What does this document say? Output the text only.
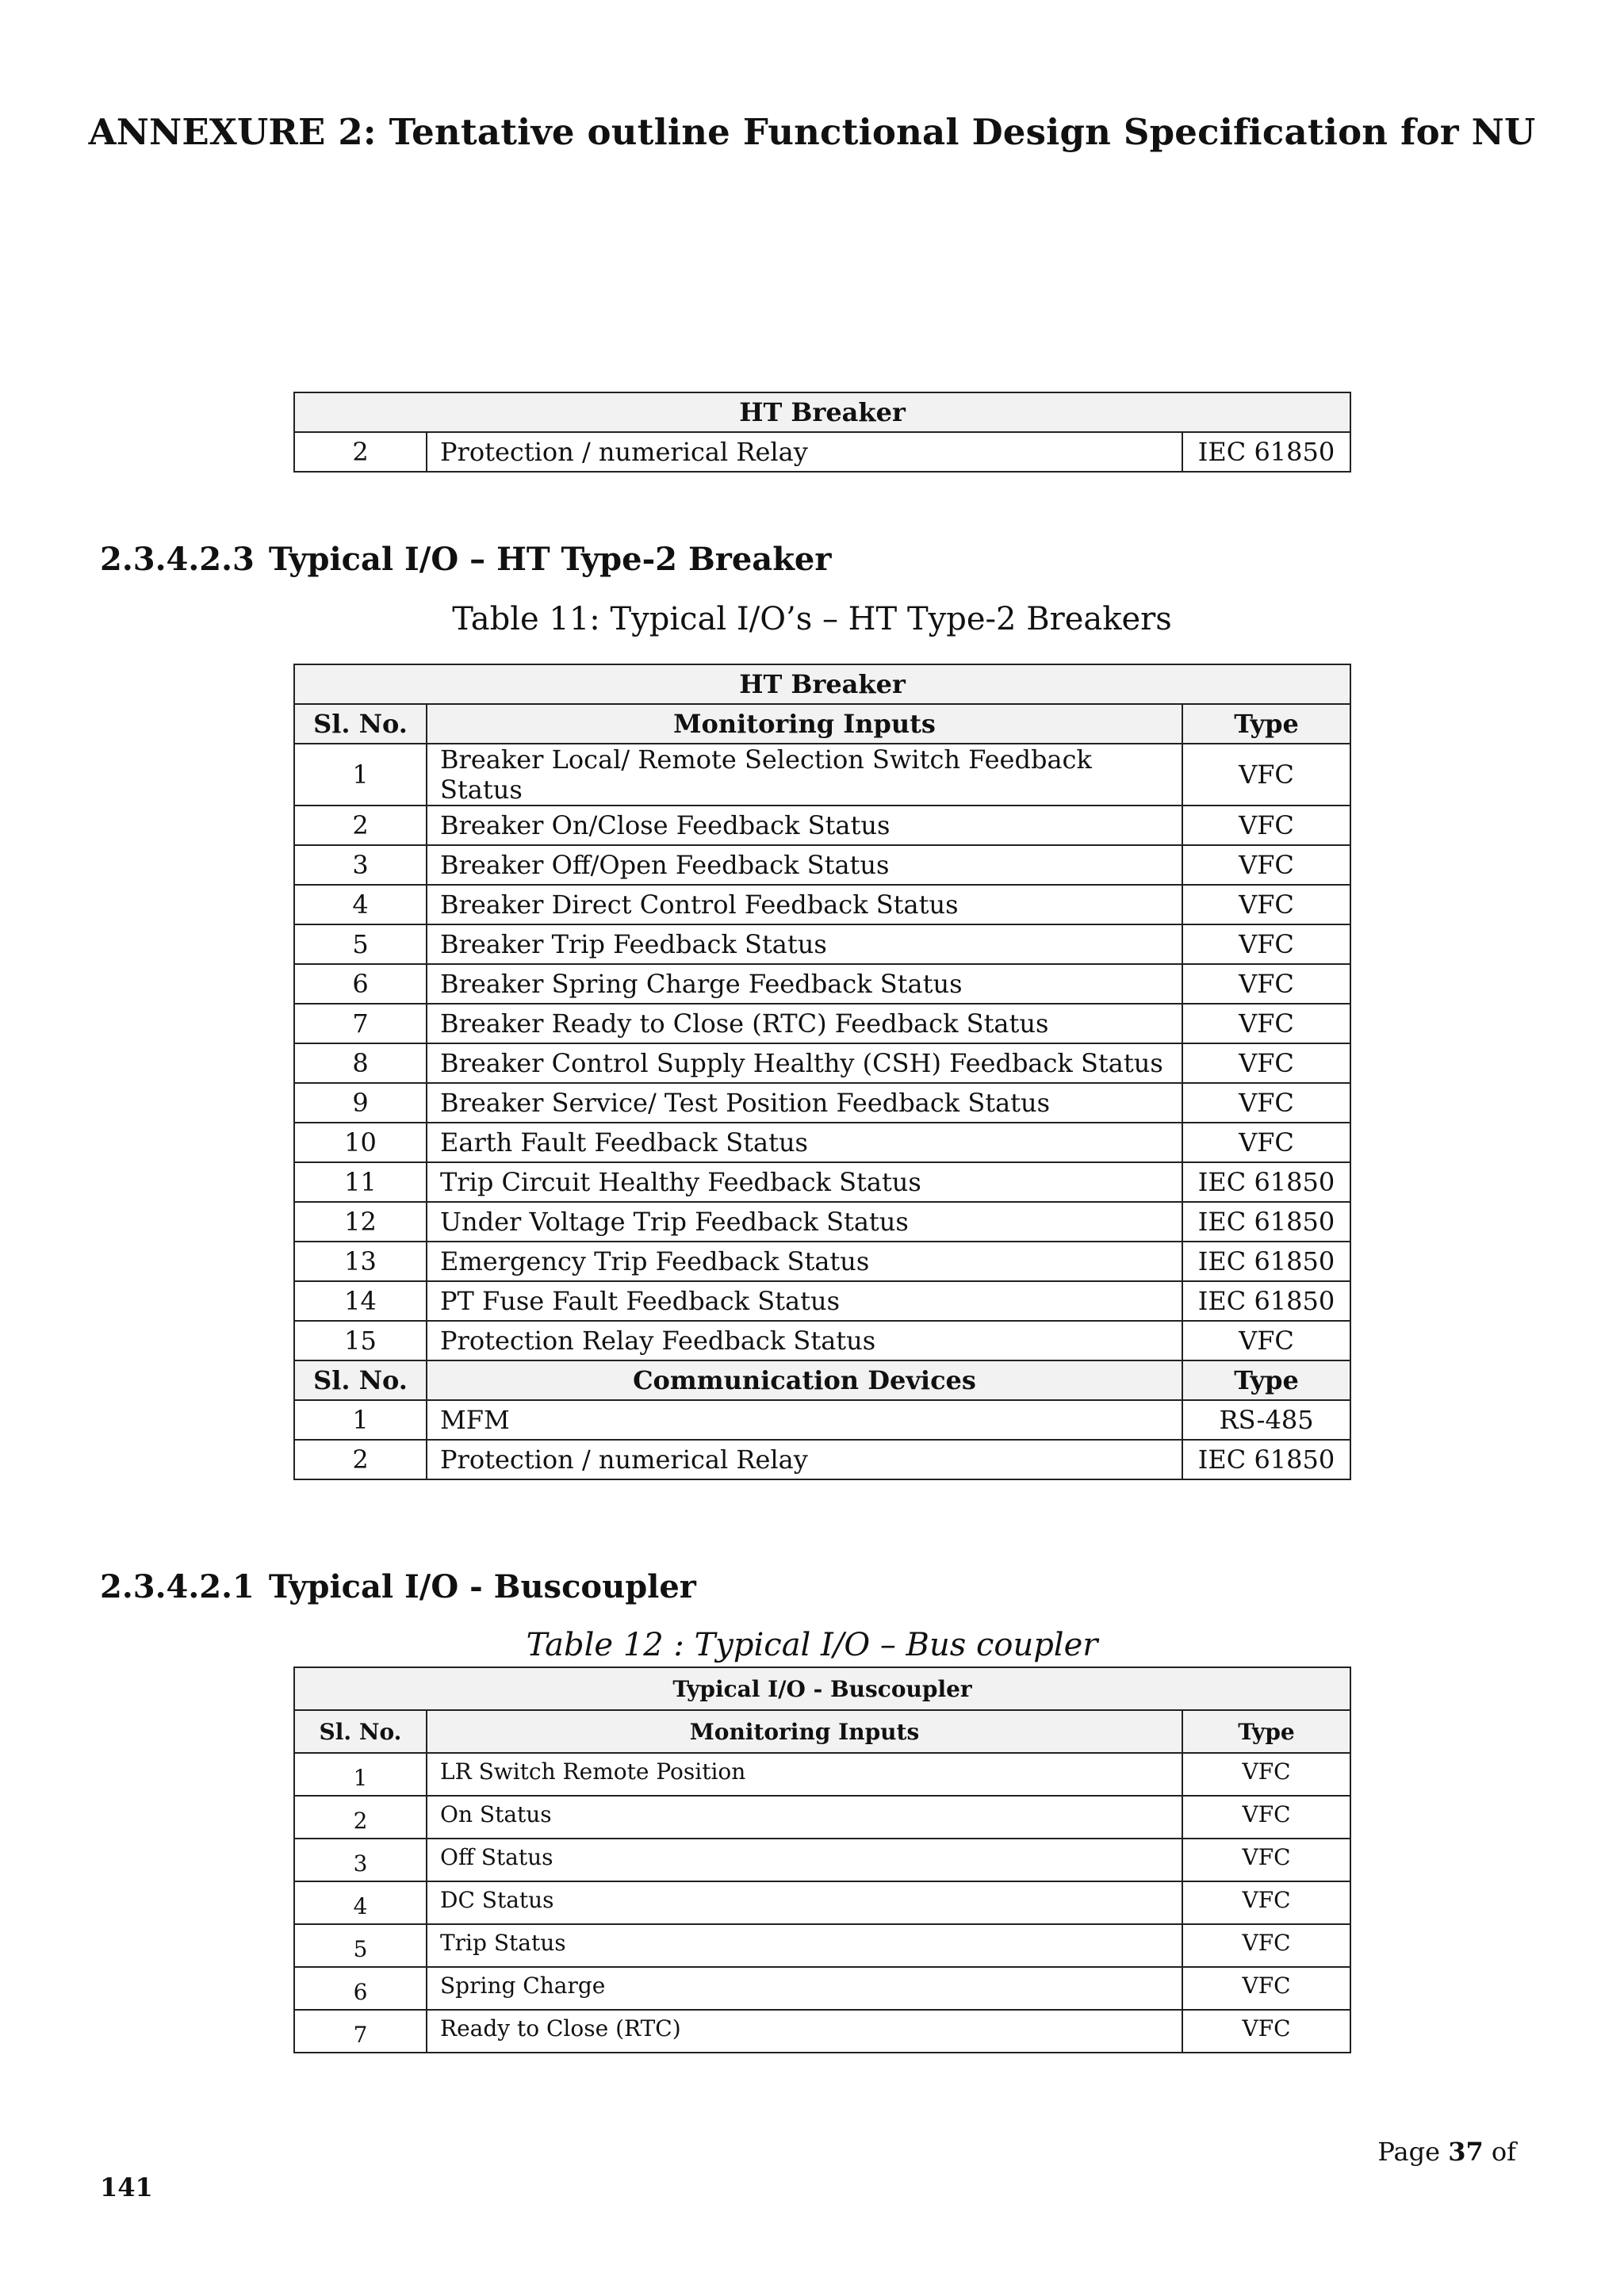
ANNEXURE 2: Tentative outline Functional Design Specification for NU
HT Breaker
2	Protection / numerical Relay	IEC 61850
2.3.4.2.3 Typical I/O – HT Type-2 Breaker
Table 11: Typical I/O’s – HT Type-2 Breakers
HT Breaker		
Sl. No.	Monitoring Inputs	Type
1	Breaker Local/ Remote Selection Switch Feedback Status	VFC
2	Breaker On/Close Feedback Status	VFC
3	Breaker Off/Open Feedback Status	VFC
4	Breaker Direct Control Feedback Status	VFC
5	Breaker Trip Feedback Status	VFC
6	Breaker Spring Charge Feedback Status	VFC
7	Breaker Ready to Close (RTC) Feedback Status	VFC
8	Breaker Control Supply Healthy (CSH) Feedback Status	VFC
9	Breaker Service/ Test Position Feedback Status	VFC
10	Earth Fault Feedback Status	VFC
11	Trip Circuit Healthy Feedback Status	IEC 61850
12	Under Voltage Trip Feedback Status	IEC 61850
13	Emergency Trip Feedback Status	IEC 61850
14	PT Fuse Fault Feedback Status	IEC 61850
15	Protection Relay Feedback Status	VFC
Sl. No.	Communication Devices	Type
1	MFM	RS-485
2	Protection / numerical Relay	IEC 61850
2.3.4.2.1 Typical I/O - Buscoupler
Table 12 : Typical I/O – Bus coupler
Typical I/O - Buscoupler		
Sl. No.	Monitoring Inputs	Type
1	LR Switch Remote Position	VFC
2	On Status	VFC
3	Off Status	VFC
4	DC Status	VFC
5	Trip Status	VFC
6	Spring Charge	VFC
7	Ready to Close (RTC)	VFC
Page 37 of
141
